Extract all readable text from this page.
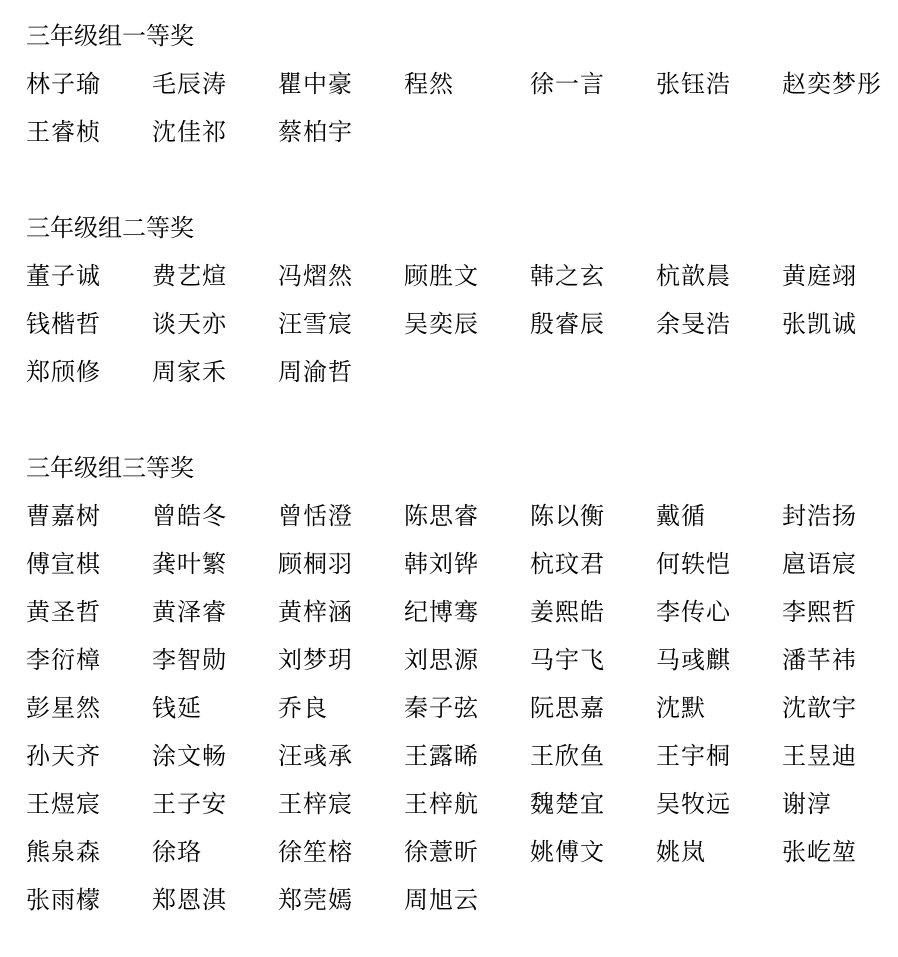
三年级组一等奖
林子瑜	毛辰涛	瞿中豪	程然	徐一言	张钰浩	赵奕梦彤
王睿桢	沈佳祁	蔡柏宇
三年级组二等奖
董子诚	费艺煊	冯熠然	顾胜文	韩之玄	杭歆晨	黄庭翊
钱楷哲	谈天亦	汪雪宸	吴奕辰	殷睿辰	余旻浩	张凯诚
郑颀修	周家禾	周渝哲
三年级组三等奖
曹嘉树	曾皓冬	曾恬澄	陈思睿	陈以衡	戴循	封浩扬
傅宣棋	龚叶繁	顾桐羽	韩刘铧	杭玟君	何轶恺	扈语宸
黄圣哲	黄泽睿	黄梓涵	纪博骞	姜熙皓	李传心	李熙哲
李衍樟	李智勋	刘梦玥	刘思源	马宇飞	马彧麒	潘芊祎
彭星然	钱延	乔良	秦子弦	阮思嘉	沈默	沈歆宇
孙天齐	涂文畅	汪彧承	王露晞	王欣鱼	王宇桐	王昱迪
王煜宸	王子安	王梓宸	王梓航	魏楚宜	吴牧远	谢淳
熊泉森	徐珞	徐笙榕	徐薏昕	姚傅文	姚岚	张屹堃
张雨檬	郑恩淇	郑莞嫣	周旭云
